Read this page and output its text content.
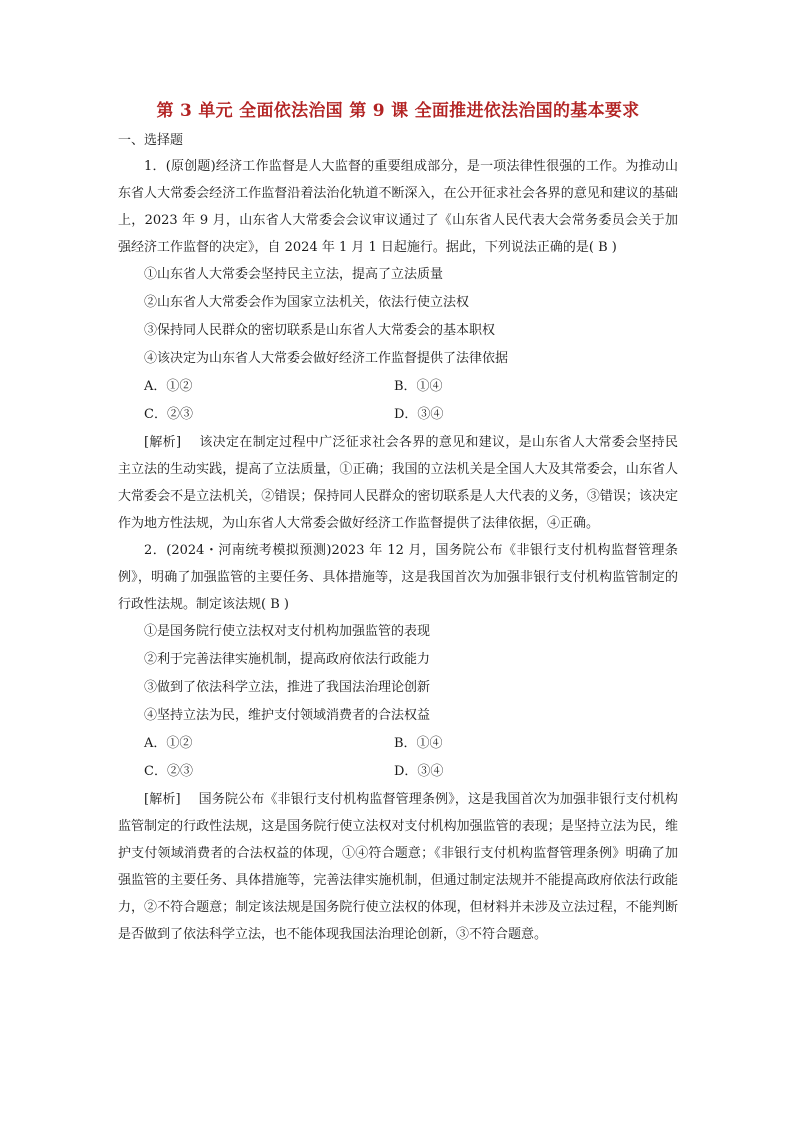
第 3 单元 全面依法治国 第 9 课 全面推进依法治国的基本要求
一、选择题

1．(原创题)经济工作监督是人大监督的重要组成部分，是一项法律性很强的工作。为推动山东省人大常委会经济工作监督沿着法治化轨道不断深入，在公开征求社会各界的意见和建议的基础上，2023 年 9 月，山东省人大常委会会议审议通过了《山东省人民代表大会常务委员会关于加强经济工作监督的决定》，自 2024 年 1 月 1 日起施行。据此，下列说法正确的是( B )

①山东省人大常委会坚持民主立法，提高了立法质量

②山东省人大常委会作为国家立法机关，依法行使立法权

③保持同人民群众的密切联系是山东省人大常委会的基本职权

④该决定为山东省人大常委会做好经济工作监督提供了法律依据

A．①②	B．①④
C．②③	D．③④

[解析] 该决定在制定过程中广泛征求社会各界的意见和建议，是山东省人大常委会坚持民主立法的生动实践，提高了立法质量，①正确；我国的立法机关是全国人大及其常委会，山东省人大常委会不是立法机关，②错误；保持同人民群众的密切联系是人大代表的义务，③错误；该决定作为地方性法规，为山东省人大常委会做好经济工作监督提供了法律依据，④正确。

2．(2024・河南统考模拟预测)2023 年 12 月，国务院公布《非银行支付机构监督管理条例》，明确了加强监管的主要任务、具体措施等，这是我国首次为加强非银行支付机构监管制定的行政性法规。制定该法规( B )

①是国务院行使立法权对支付机构加强监管的表现

②利于完善法律实施机制，提高政府依法行政能力

③做到了依法科学立法，推进了我国法治理论创新

④坚持立法为民，维护支付领域消费者的合法权益

A．①②	B．①④
C．②③	D．③④

[解析] 国务院公布《非银行支付机构监督管理条例》，这是我国首次为加强非银行支付机构监管制定的行政性法规，这是国务院行使立法权对支付机构加强监管的表现；是坚持立法为民，维护支付领域消费者的合法权益的体现，①④符合题意；《非银行支付机构监督管理条例》明确了加强监管的主要任务、具体措施等，完善法律实施机制，但通过制定法规并不能提高政府依法行政能力，②不符合题意；制定该法规是国务院行使立法权的体现，但材料并未涉及立法过程，不能判断是否做到了依法科学立法，也不能体现我国法治理论创新，③不符合题意。
